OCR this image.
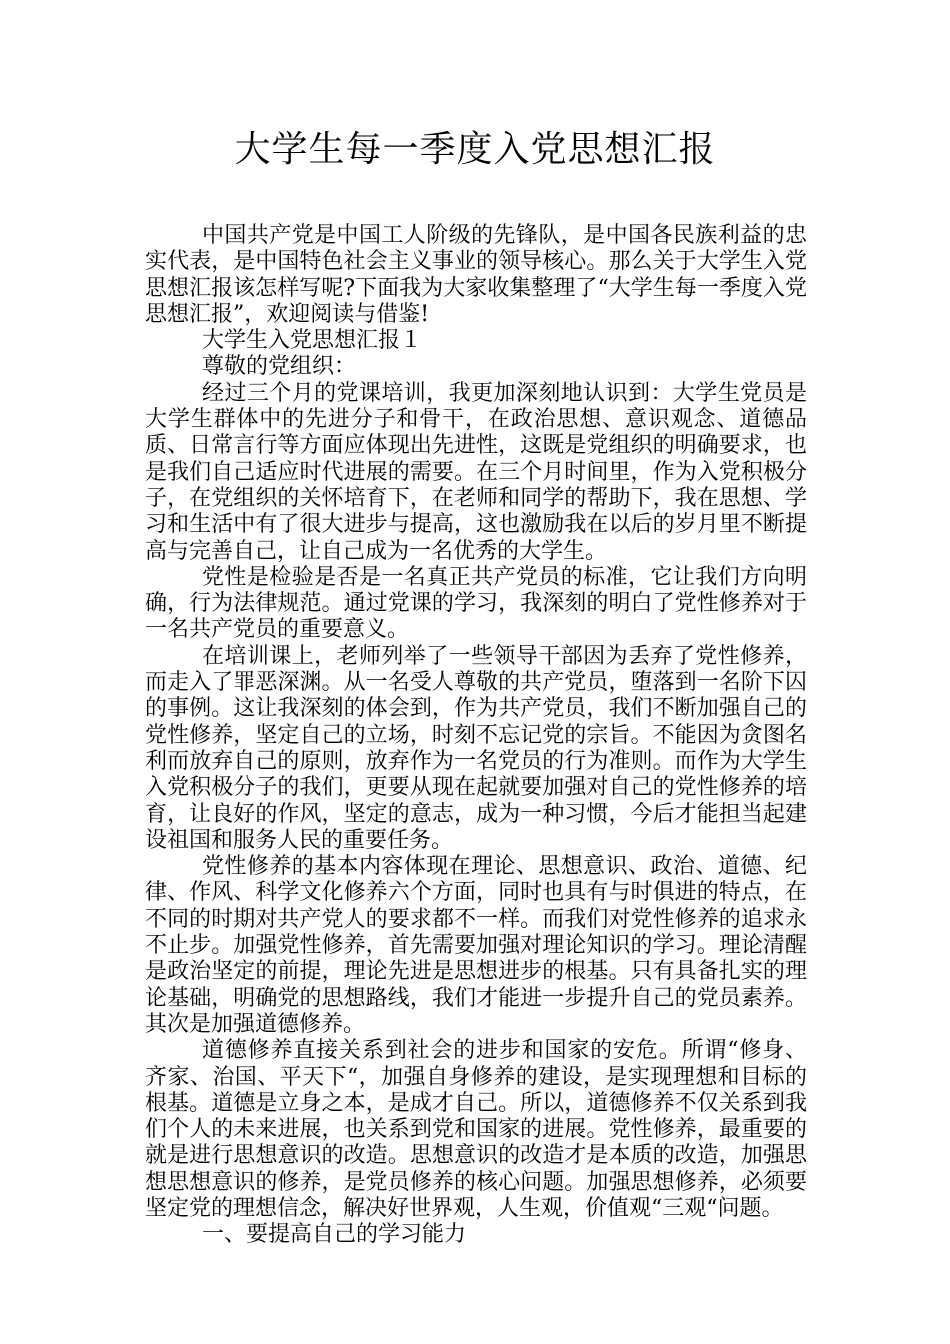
大学生每一季度入党思想汇报

中国共产党是中国工人阶级的先锋队，是中国各民族利益的忠实代表，是中国特色社会主义事业的领导核心。那么关于大学生入党思想汇报该怎样写呢?下面我为大家收集整理了“大学生每一季度入党思想汇报”，欢迎阅读与借鉴!

大学生入党思想汇报１

尊敬的党组织：

经过三个月的党课培训，我更加深刻地认识到：大学生党员是大学生群体中的先进分子和骨干，在政治思想、意识观念、道德品质、日常言行等方面应体现出先进性，这既是党组织的明确要求，也是我们自己适应时代进展的需要。在三个月时间里，作为入党积极分子，在党组织的关怀培育下，在老师和同学的帮助下，我在思想、学习和生活中有了很大进步与提高，这也激励我在以后的岁月里不断提高与完善自己，让自己成为一名优秀的大学生。

党性是检验是否是一名真正共产党员的标准，它让我们方向明确，行为法律规范。通过党课的学习，我深刻的明白了党性修养对于一名共产党员的重要意义。

在培训课上，老师列举了一些领导干部因为丢弃了党性修养，而走入了罪恶深渊。从一名受人尊敬的共产党员，堕落到一名阶下囚的事例。这让我深刻的体会到，作为共产党员，我们不断加强自己的党性修养，坚定自己的立场，时刻不忘记党的宗旨。不能因为贪图名利而放弃自己的原则，放弃作为一名党员的行为准则。而作为大学生入党积极分子的我们，更要从现在起就要加强对自己的党性修养的培育，让良好的作风，坚定的意志，成为一种习惯，今后才能担当起建设祖国和服务人民的重要任务。

党性修养的基本内容体现在理论、思想意识、政治、道德、纪律、作风、科学文化修养六个方面，同时也具有与时俱进的特点，在不同的时期对共产党人的要求都不一样。而我们对党性修养的追求永不止步。加强党性修养，首先需要加强对理论知识的学习。理论清醒是政治坚定的前提，理论先进是思想进步的根基。只有具备扎实的理论基础，明确党的思想路线，我们才能进一步提升自己的党员素养。其次是加强道德修养。

道德修养直接关系到社会的进步和国家的安危。所谓“修身、齐家、治国、平天下“，加强自身修养的建设，是实现理想和目标的根基。道德是立身之本，是成才自己。所以，道德修养不仅关系到我们个人的未来进展，也关系到党和国家的进展。党性修养，最重要的就是进行思想意识的改造。思想意识的改造才是本质的改造，加强思想思想意识的修养，是党员修养的核心问题。加强思想修养，必须要坚定党的理想信念，解决好世界观，人生观，价值观“三观“问题。

一、要提高自己的学习能力
